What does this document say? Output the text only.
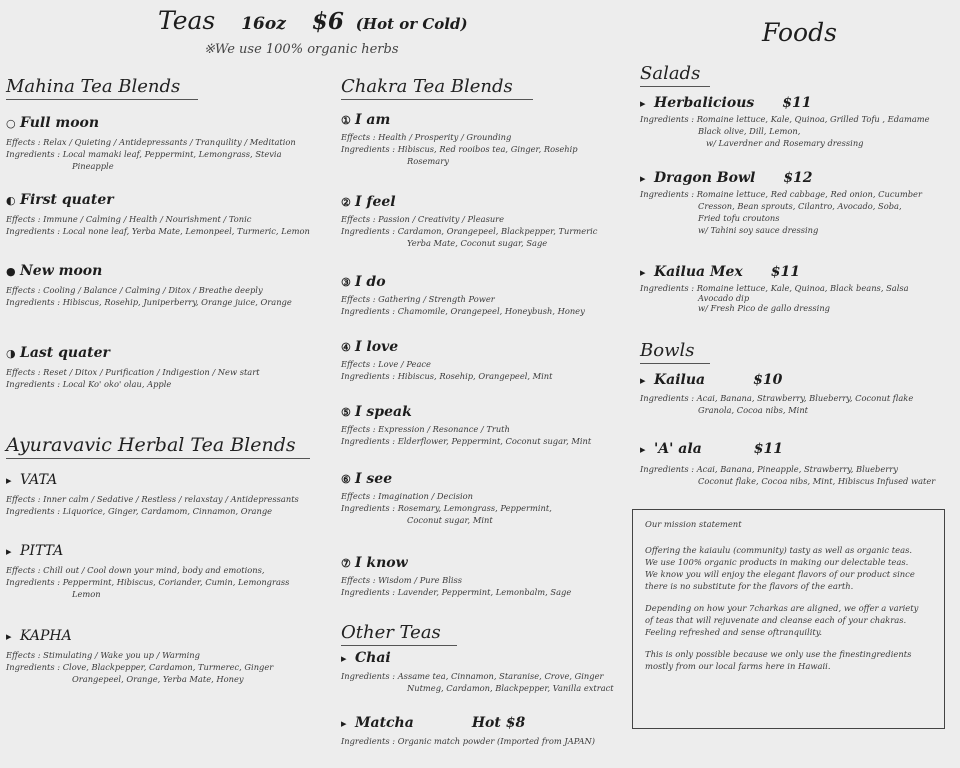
Teas 16oz $6 (Hot or Cold)
※We use 100% organic herbs
Foods
Mahina Tea Blends
○ Full moon
Effects : Relax / Quieting / Antidepressants / Tranquility / Meditation
Ingredients : Local mamaki leaf, Peppermint, Lemongrass, Stevia
Pineapple
◐ First quater
Effects : Immune / Calming / Health / Nourishment / Tonic
Ingredients : Local none leaf, Yerba Mate, Lemonpeel, Turmeric, Lemon
● New moon
Effects : Cooling / Balance / Calming / Ditox / Breathe deeply
Ingredients : Hibiscus, Rosehip, Juniperberry, Orange juice, Orange
◑ Last quater
Effects : Reset / Ditox / Purification / Indigestion / New start
Ingredients : Local Ko' oko' olau, Apple
Ayuravavic Herbal Tea Blends
▸ VATA
Effects : Inner calm / Sedative / Restless / relaxstay / Antidepressants
Ingredients : Liquorice, Ginger, Cardamom, Cinnamon, Orange
▸ PITTA
Effects : Chill out / Cool down your mind, body and emotions,
Ingredients : Peppermint, Hibiscus, Coriander, Cumin, Lemongrass
Lemon
▸ KAPHA
Effects : Stimulating / Wake you up / Warming
Ingredients : Clove, Blackpepper, Cardamon, Turmerec, Ginger
Orangepeel, Orange, Yerba Mate, Honey
Chakra Tea Blends
① I am
Effects : Health / Prosperity / Grounding
Ingredients : Hibiscus, Red rooibos tea, Ginger, Rosehip
Rosemary
② I feel
Effects : Passion / Creativity / Pleasure
Ingredients : Cardamon, Orangepeel, Blackpepper, Turmeric
Yerba Mate, Coconut sugar, Sage
③ I do
Effects : Gathering / Strength Power
Ingredients : Chamomile, Orangepeel, Honeybush, Honey
④ I love
Effects : Love / Peace
Ingredients : Hibiscus, Rosehip, Orangepeel, Mint
⑤ I speak
Effects : Expression / Resonance / Truth
Ingredients : Elderflower, Peppermint, Coconut sugar, Mint
⑥ I see
Effects : Imagination / Decision
Ingredients : Rosemary, Lemongrass, Peppermint,
Coconut sugar, Mint
⑦ I know
Effects : Wisdom / Pure Bliss
Ingredients : Lavender, Peppermint, Lemonbalm, Sage
Other Teas
▸ Chai
Ingredients : Assame tea, Cinnamon, Staranise, Crove, Ginger
Nutmeg, Cardamon, Blackpepper, Vanilla extract
▸ Matcha	Hot $8
Ingredients : Organic match powder (Imported from JAPAN)
Salads
▸ Herbalicious $11
Ingredients : Romaine lettuce, Kale, Quinoa, Grilled Tofu , Edamame
Black olive, Dill, Lemon,
w/ Laverdner and Rosemary dressing
▸ Dragon Bowl $12
Ingredients : Romaine lettuce, Red cabbage, Red onion, Cucumber
Cresson, Bean sprouts, Cilantro, Avocado, Soba,
Fried tofu croutons
w/ Tahini soy sauce dressing
▸ Kailua Mex $11
Ingredients : Romaine lettuce, Kale, Quinoa, Black beans, Salsa
Avocado dip
w/ Fresh Pico de gallo dressing
Bowls
▸ Kailua	$10
Ingredients : Acai, Banana, Strawberry, Blueberry, Coconut flake
Granola, Cocoa nibs, Mint
▸ 'A' ala	$11
Ingredients : Acai, Banana, Pineapple, Strawberry, Blueberry
Coconut flake, Cocoa nibs, Mint, Hibiscus Infused water

Our mission statement

Offering the kaiaulu (community) tasty as well as organic teas.
We use 100% organic products in making our delectable teas.
We know you will enjoy the elegant flavors of our product since
there is no substitute for the flavors of the earth.

Depending on how your 7charkas are aligned, we offer a variety
of teas that will rejuvenate and cleanse each of your chakras.
Feeling refreshed and sense oftranquility.

This is only possible because we only use the finestingredients
mostly from our local farms here in Hawaii.
